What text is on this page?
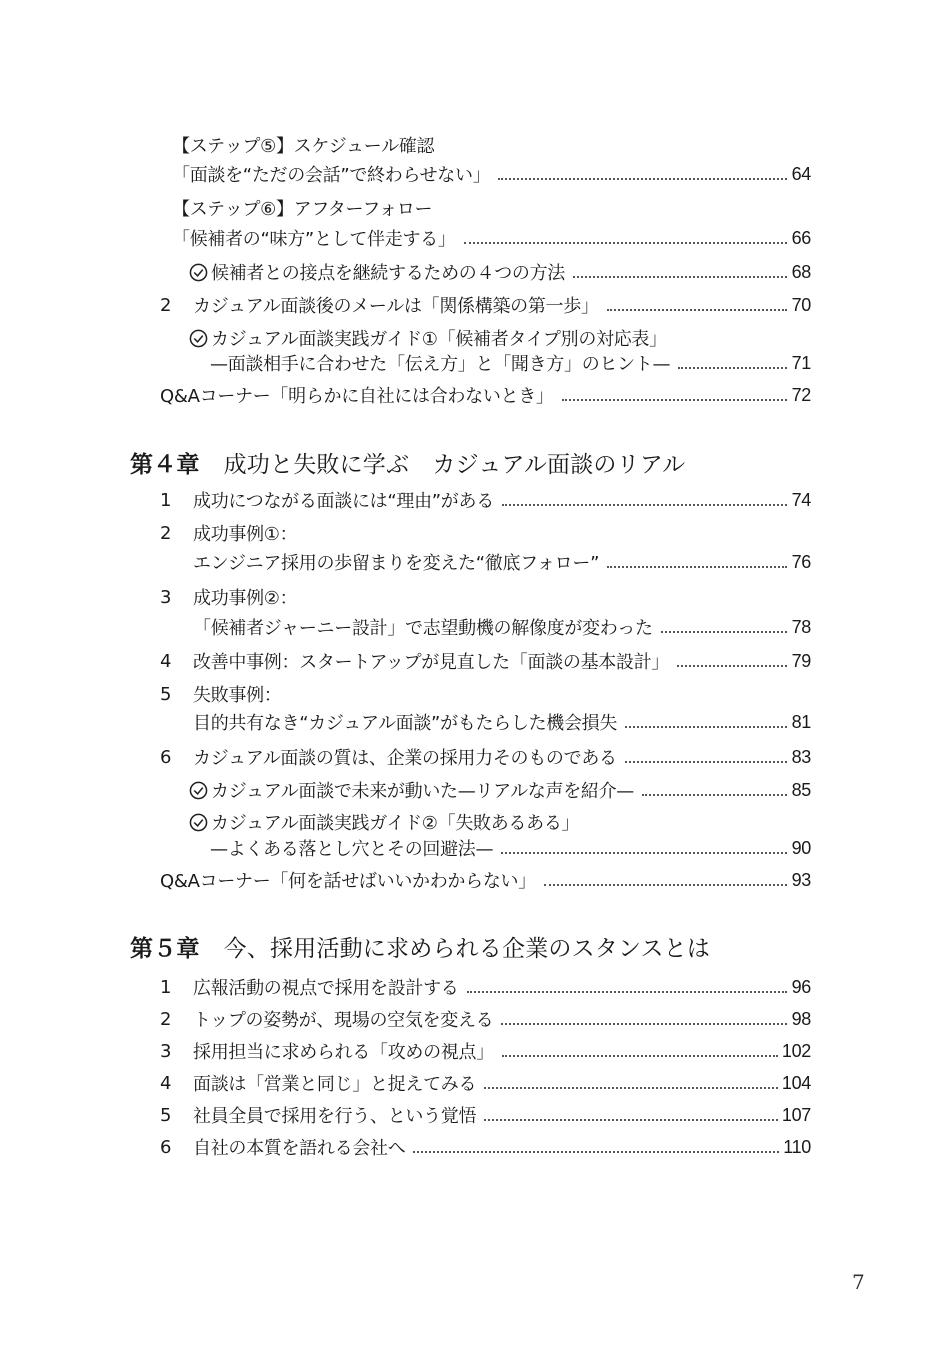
【ステップ⑤】スケジュール確認
「面談を“ただの会話”で終わらせない」	64
【ステップ⑥】アフターフォロー
「候補者の“味方”として伴走する」	66
候補者との接点を継続するための４つの方法	68
2	カジュアル面談後のメールは「関係構築の第一歩」	70
カジュアル面談実践ガイド①「候補者タイプ別の対応表」
—面談相手に合わせた「伝え方」と「聞き方」のヒント—	71
Q&Aコーナー「明らかに自社には合わないとき」	72
第４章 成功と失敗に学ぶ　カジュアル面談のリアル
1	成功につながる面談には“理由”がある	74
2	成功事例①：
エンジニア採用の歩留まりを変えた“徹底フォロー”	76
3	成功事例②：
「候補者ジャーニー設計」で志望動機の解像度が変わった	78
4	改善中事例：スタートアップが見直した「面談の基本設計」	79
5	失敗事例：
目的共有なき“カジュアル面談”がもたらした機会損失	81
6	カジュアル面談の質は、企業の採用力そのものである	83
カジュアル面談で未来が動いた—リアルな声を紹介—	85
カジュアル面談実践ガイド②「失敗あるある」
—よくある落とし穴とその回避法—	90
Q&Aコーナー「何を話せばいいかわからない」	93
第５章 今、採用活動に求められる企業のスタンスとは
1	広報活動の視点で採用を設計する	96
2	トップの姿勢が、現場の空気を変える	98
3	採用担当に求められる「攻めの視点」	102
4	面談は「営業と同じ」と捉えてみる	104
5	社員全員で採用を行う、という覚悟	107
6	自社の本質を語れる会社へ	110
7
